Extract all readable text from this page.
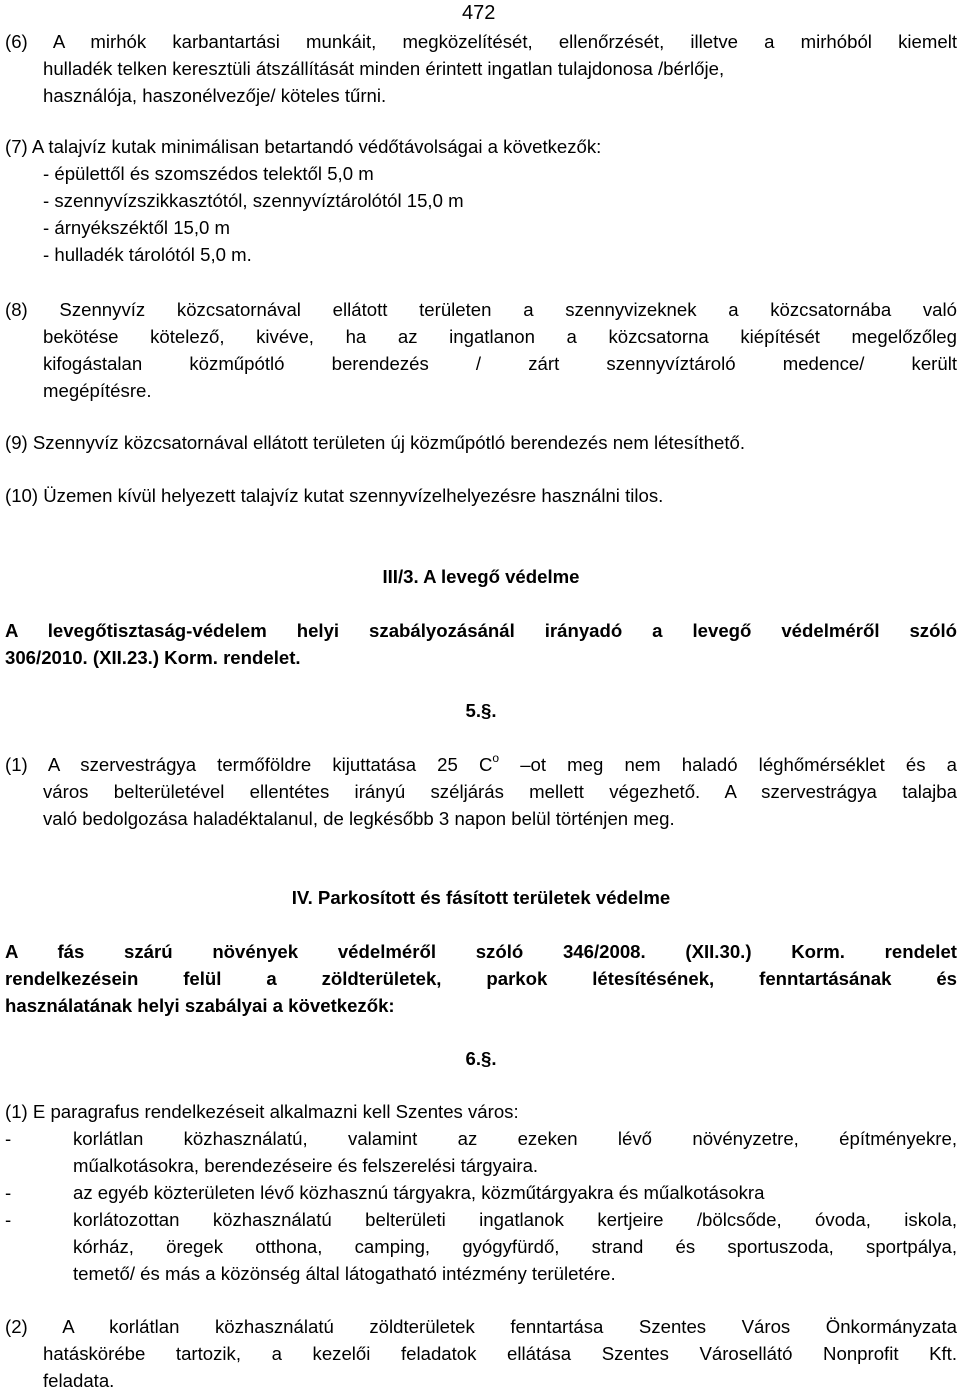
472
(6) A mirhók karbantartási munkáit, megközelítését, ellenőrzését, illetve a mirhóból kiemelt
hulladék telken keresztüli átszállítását minden érintett ingatlan tulajdonosa /bérlője,
használója, haszonélvezője/ köteles tűrni.
(7) A talajvíz kutak minimálisan betartandó védőtávolságai a következők:
- épülettől és szomszédos telektől 5,0 m
- szennyvízszikkasztótól, szennyvíztárolótól 15,0 m
- árnyékszéktől 15,0 m
- hulladék tárolótól 5,0 m.
(8) Szennyvíz közcsatornával ellátott területen a szennyvizeknek a közcsatornába való
bekötése kötelező, kivéve, ha az ingatlanon a közcsatorna kiépítését megelőzőleg
kifogástalan közműpótló berendezés / zárt szennyvíztároló medence/ került
megépítésre.
(9) Szennyvíz közcsatornával ellátott területen új közműpótló berendezés nem létesíthető.
(10) Üzemen kívül helyezett talajvíz kutat szennyvízelhelyezésre használni tilos.
III/3. A levegő védelme
A levegőtisztaság-védelem helyi szabályozásánál irányadó a levegő védelméről szóló
306/2010. (XII.23.) Korm. rendelet.
5.§.
(1) A szervestrágya termőföldre kijuttatása 25 $C^o$ –ot meg nem haladó léghőmérséklet és a
város belterületével ellentétes irányú széljárás mellett végezhető. A szervestrágya talajba
való bedolgozása haladéktalanul, de legkésőbb 3 napon belül történjen meg.
IV. Parkosított és fásított területek védelme
A fás szárú növények védelméről szóló 346/2008. (XII.30.) Korm. rendelet
rendelkezésein felül a zöldterületek, parkok létesítésének, fenntartásának és
használatának helyi szabályai a következők:
6.§.
(1) E paragrafus rendelkezéseit alkalmazni kell Szentes város:
-	korlátlan közhasználatú, valamint az ezeken lévő növényzetre, építményekre,
műalkotásokra, berendezéseire és felszerelési tárgyaira.
-	az egyéb közterületen lévő közhasznú tárgyakra, közműtárgyakra és műalkotásokra
-	korlátozottan közhasználatú belterületi ingatlanok kertjeire /bölcsőde, óvoda, iskola,
kórház, öregek otthona, camping, gyógyfürdő, strand és sportuszoda, sportpálya,
temető/ és más a közönség által látogatható intézmény területére.
(2) A korlátlan közhasználatú zöldterületek fenntartása Szentes Város Önkormányzata
hatáskörébe tartozik, a kezelői feladatok ellátása Szentes Városellátó Nonprofit Kft.
feladata.
